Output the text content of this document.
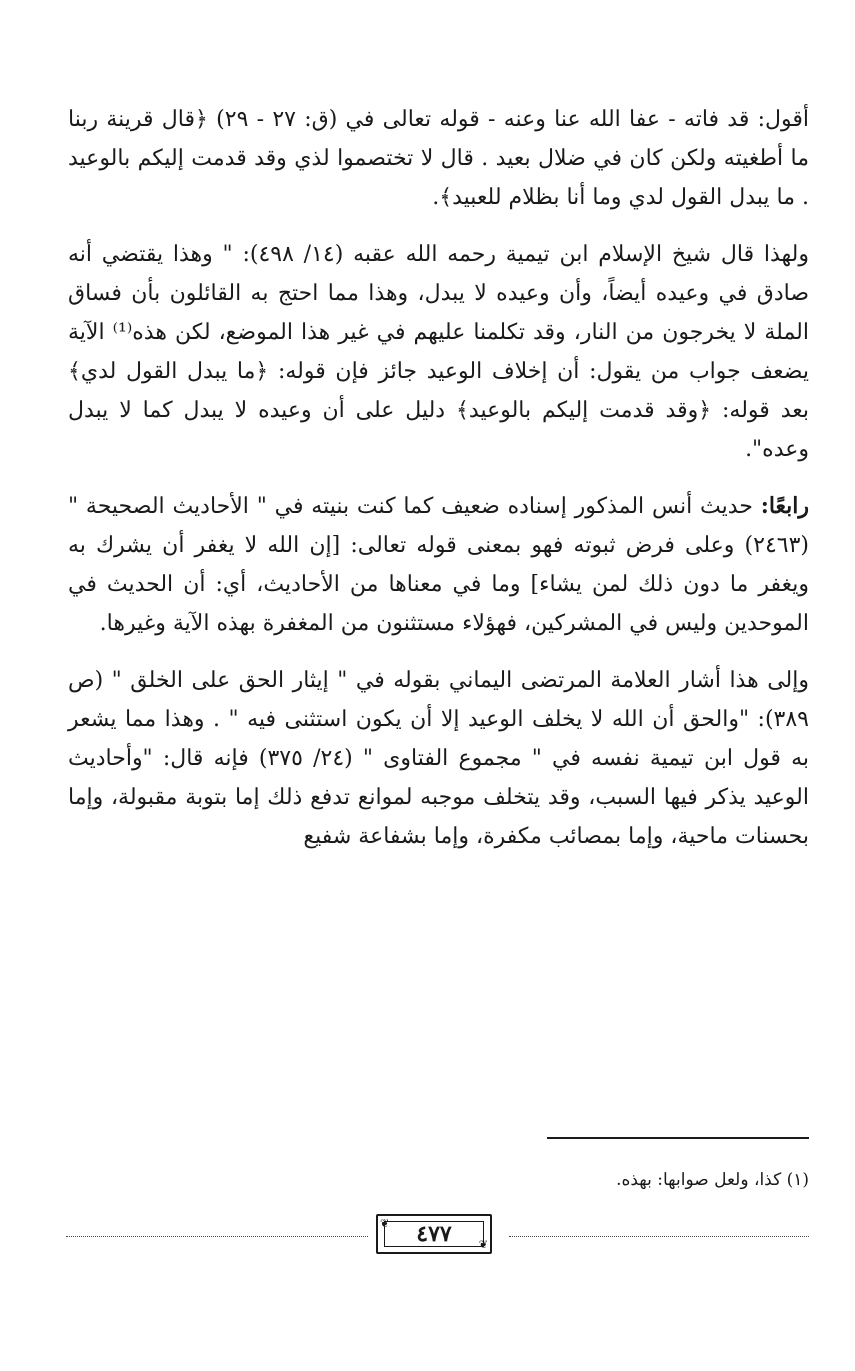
أقول: قد فاته - عفا الله عنا وعنه - قوله تعالى في (ق: ٢٧ - ٢٩) ﴿قال قرينة ربنا ما أطغيته ولكن كان في ضلال بعيد . قال لا تختصموا لذي وقد قدمت إليكم بالوعيد . ما يبدل القول لدي وما أنا بظلام للعبيد﴾.

ولهذا قال شيخ الإسلام ابن تيمية رحمه الله عقبه (١٤/ ٤٩٨): " وهذا يقتضي أنه صادق في وعيده أيضاً، وأن وعيده لا يبدل، وهذا مما احتج به القائلون بأن فساق الملة لا يخرجون من النار، وقد تكلمنا عليهم في غير هذا الموضع، لكن هذه⁽¹⁾ الآية يضعف جواب من يقول: أن إخلاف الوعيد جائز فإن قوله: ﴿ما يبدل القول لدي﴾ بعد قوله: ﴿وقد قدمت إليكم بالوعيد﴾ دليل على أن وعيده لا يبدل كما لا يبدل وعده".

رابعًا: حديث أنس المذكور إسناده ضعيف كما كنت بنيته في " الأحاديث الصحيحة " (٢٤٦٣) وعلى فرض ثبوته فهو بمعنى قوله تعالى: [إن الله لا يغفر أن يشرك به ويغفر ما دون ذلك لمن يشاء] وما في معناها من الأحاديث، أي: أن الحديث في الموحدين وليس في المشركين، فهؤلاء مستثنون من المغفرة بهذه الآية وغيرها.

وإلى هذا أشار العلامة المرتضى اليماني بقوله في " إيثار الحق على الخلق " (ص ٣٨٩): "والحق أن الله لا يخلف الوعيد إلا أن يكون استثنى فيه " . وهذا مما يشعر به قول ابن تيمية نفسه في " مجموع الفتاوى " (٢٤/ ٣٧٥) فإنه قال: "وأحاديث الوعيد يذكر فيها السبب، وقد يتخلف موجبه لموانع تدفع ذلك إما بتوبة مقبولة، وإما بحسنات ماحية، وإما بمصائب مكفرة، وإما بشفاعة شفيع

(١) كذا، ولعل صوابها: بهذه.
❦
❦
٤٧٧
